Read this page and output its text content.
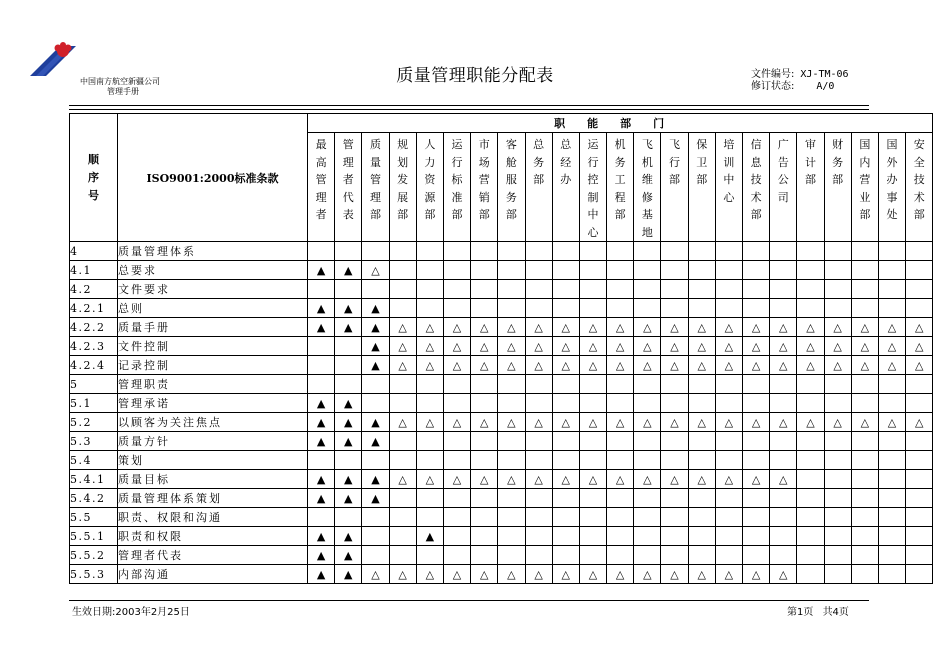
中国南方航空新疆公司
管理手册
质量管理职能分配表	文件编号: XJ-TM-06
修订状态: A/0
顺序号	ISO9001:2000标准条款	职能部门																						

		最高管理者	管理者代表	质量管理部	规划发展部	人力资源部	运行标准部	市场营销部	客舱服务部	总务部	总经办	运行控制中心	机务工程部	飞机维修基地	飞行部	保卫部	培训中心	信息技术部	广告公司	审计部	财务部	国内营业部	国外办事处	安全技术部

4	质量管理体系																							
4.1	总要求	▲	▲	△																				
4.2	文件要求																							
4.2.1	总则	▲	▲	▲																				
4.2.2	质量手册	▲	▲	▲	△	△	△	△	△	△	△	△	△	△	△	△	△	△	△	△	△	△	△	△
4.2.3	文件控制			▲	△	△	△	△	△	△	△	△	△	△	△	△	△	△	△	△	△	△	△	△
4.2.4	记录控制			▲	△	△	△	△	△	△	△	△	△	△	△	△	△	△	△	△	△	△	△	△
5	管理职责																							
5.1	管理承诺	▲	▲																					
5.2	以顾客为关注焦点	▲	▲	▲	△	△	△	△	△	△	△	△	△	△	△	△	△	△	△	△	△	△	△	△
5.3	质量方针	▲	▲	▲																				
5.4	策划																							
5.4.1	质量目标	▲	▲	▲	△	△	△	△	△	△	△	△	△	△	△	△	△	△	△					
5.4.2	质量管理体系策划	▲	▲	▲																				
5.5	职责、权限和沟通																							
5.5.1	职责和权限	▲	▲			▲																		
5.5.2	管理者代表	▲	▲																					
5.5.3	内部沟通	▲	▲	△	△	△	△	△	△	△	△	△	△	△	△	△	△	△	△					
生效日期:2003年2月25日	第1页 共4页
